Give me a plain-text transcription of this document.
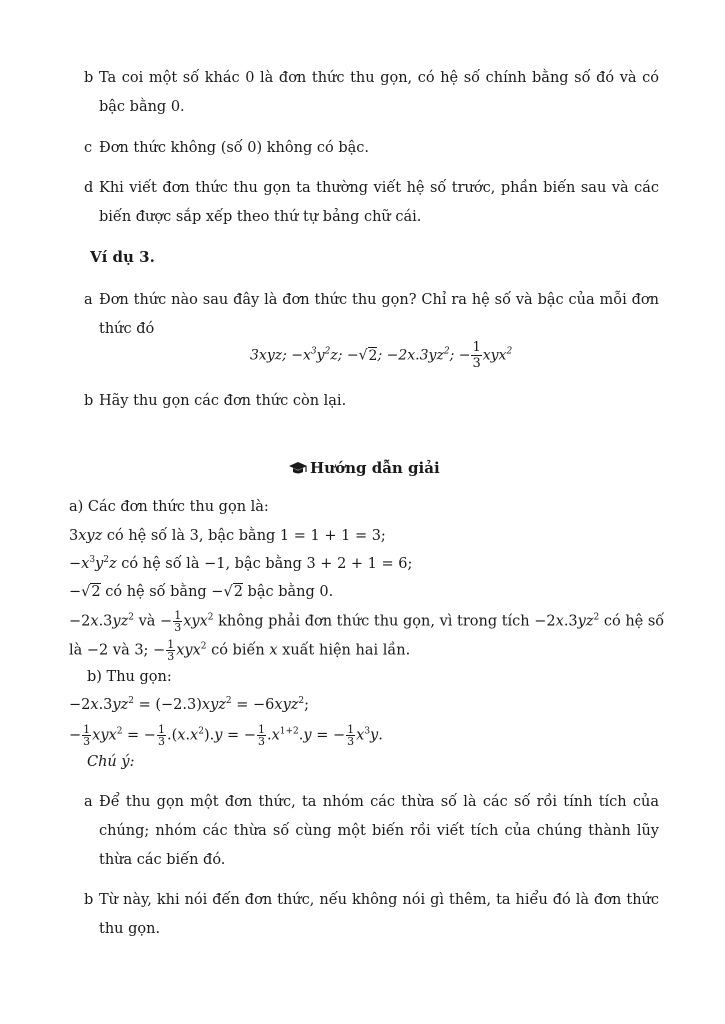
b Ta coi một số khác 0 là đơn thức thu gọn, có hệ số chính bằng số đó và có bậc bằng 0.
c Đơn thức không (số 0) không có bậc.
d Khi viết đơn thức thu gọn ta thường viết hệ số trước, phần biến sau và các biến được sắp xếp theo thứ tự bảng chữ cái.
Ví dụ 3.
a Đơn thức nào sau đây là đơn thức thu gọn? Chỉ ra hệ số và bậc của mỗi đơn thức đó
3xyz; $-x^3y^2z$; −√2; $-2x.3yz^2$; − $\frac{1}{3} xyx^2$
b Hãy thu gọn các đơn thức còn lại.
Hướng dẫn giải
a) Các đơn thức thu gọn là:
3xyz có hệ số là 3, bậc bằng 1 = 1 + 1 = 3;
$-x^3y^2z$ có hệ số là −1, bậc bằng 3 + 2 + 1 = 6;
−√2 có hệ số bằng −√2 bậc bằng 0.
$-2x.3yz^2$ và − $\frac{1}{3} xyx^2$ không phải đơn thức thu gọn, vì trong tích $-2x.3yz^2$ có hệ số
là −2 và 3; − $\frac{1}{3} xyx^2$ có biến x xuất hiện hai lần.
b) Thu gọn:
$-2x.3yz^2 = (-2.3)xyz^2 = -6xyz^2$;
− $\frac{1}{3} xyx^2$ = − $\frac{1}{3} .(x.x^2).y$ = − $\frac{1}{3} .x^{1+2}.y$ = − $\frac{1}{3} x^3y$.
Chú ý:
a Để thu gọn một đơn thức, ta nhóm các thừa số là các số rồi tính tích của chúng; nhóm các thừa số cùng một biến rồi viết tích của chúng thành lũy thừa các biến đó.
b Từ này, khi nói đến đơn thức, nếu không nói gì thêm, ta hiểu đó là đơn thức thu gọn.
